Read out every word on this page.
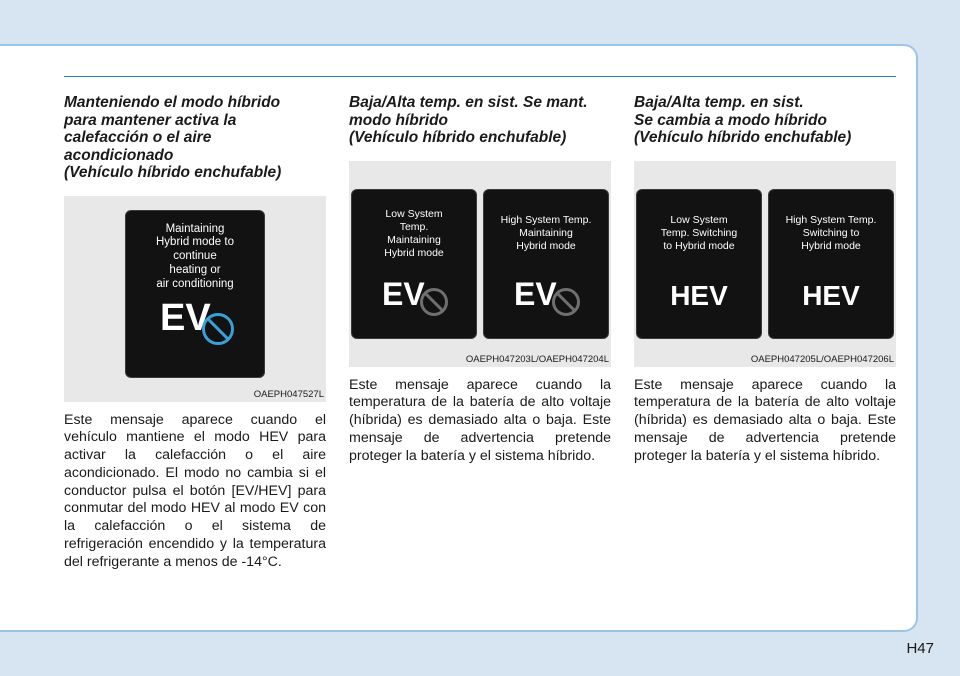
Manteniendo el modo híbrido
para mantener activa la
calefacción o el aire
acondicionado
(Vehículo híbrido enchufable)
Maintaining
Hybrid mode to
continue
heating or
air conditioning
EV
OAEPH047527L

Este mensaje aparece cuando el vehículo mantiene el modo HEV para activar la calefacción o el aire acondicionado. El modo no cambia si el conductor pulsa el botón [EV/HEV] para conmutar del modo HEV al modo EV con la calefacción o el sistema de refrigeración encendido y la temperatura del refrigerante a menos de -14°C.

Baja/Alta temp. en sist. Se mant.
modo híbrido
(Vehículo híbrido enchufable)
Low System
Temp.
Maintaining
Hybrid mode
EV
High System Temp.
Maintaining
Hybrid mode
EV
OAEPH047203L/OAEPH047204L

Este mensaje aparece cuando la temperatura de la batería de alto voltaje (híbrida) es demasiado alta o baja. Este mensaje de advertencia pretende proteger la batería y el sistema híbrido.

Baja/Alta temp. en sist.
Se cambia a modo híbrido
(Vehículo híbrido enchufable)
Low System
Temp. Switching
to Hybrid mode
HEV
High System Temp.
Switching to
Hybrid mode
HEV
OAEPH047205L/OAEPH047206L

Este mensaje aparece cuando la temperatura de la batería de alto voltaje (híbrida) es demasiado alta o baja. Este mensaje de advertencia pretende proteger la batería y el sistema híbrido.

H47
